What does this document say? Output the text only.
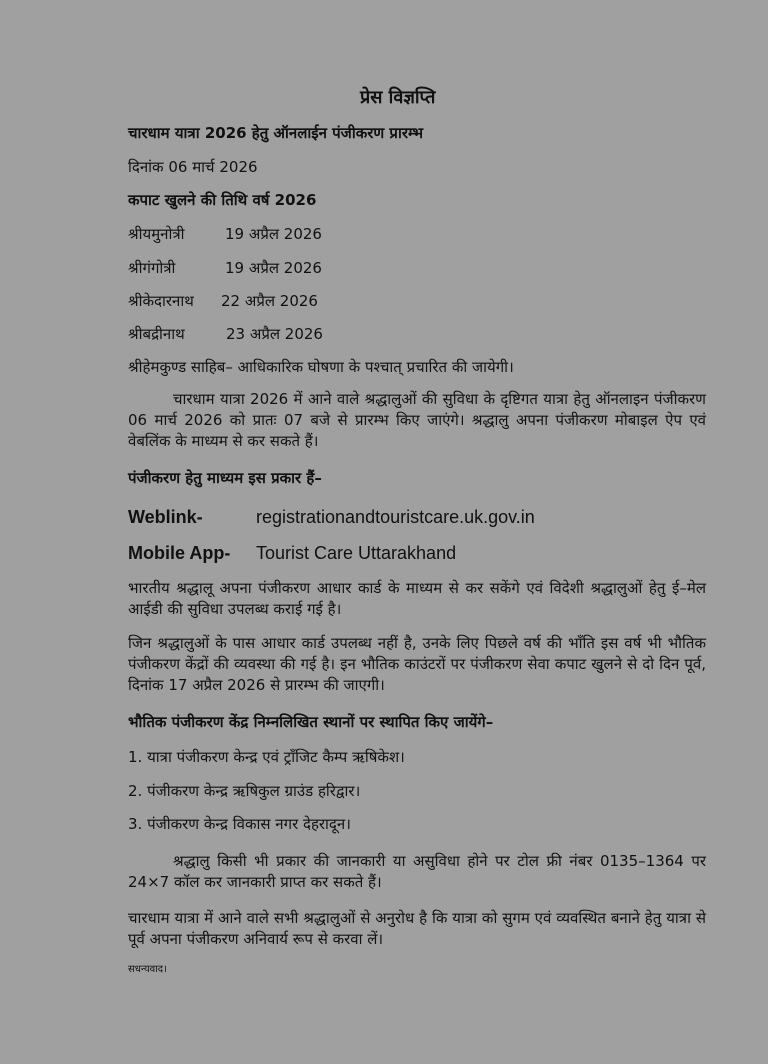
प्रेस विज्ञप्ति
चारधाम यात्रा 2026 हेतु ऑनलाईन पंजीकरण प्रारम्भ
दिनांक 06 मार्च 2026
कपाट खुलने की तिथि वर्ष 2026
श्रीयमुनोत्री	19 अप्रैल 2026
श्रीगंगोत्री	19 अप्रैल 2026
श्रीकेदारनाथ 22 अप्रैल 2026
श्रीबद्रीनाथ	23 अप्रैल 2026
श्रीहेमकुण्ड साहिब– आधिकारिक घोषणा के पश्चात् प्रचारित की जायेगी।
चारधाम यात्रा 2026 में आने वाले श्रद्धालुओं की सुविधा के दृष्टिगत यात्रा हेतु ऑनलाइन पंजीकरण 06 मार्च 2026 को प्रातः 07 बजे से प्रारम्भ किए जाएंगे। श्रद्धालु अपना पंजीकरण मोबाइल ऐप एवं वेबलिंक के माध्यम से कर सकते हैं।
पंजीकरण हेतु माध्यम इस प्रकार हैं–
Weblink-	registrationandtouristcare.uk.gov.in
Mobile App- Tourist Care Uttarakhand
भारतीय श्रद्धालू अपना पंजीकरण आधार कार्ड के माध्यम से कर सकेंगे एवं विदेशी श्रद्धालुओं हेतु ई–मेल आईडी की सुविधा उपलब्ध कराई गई है।
जिन श्रद्धालुओं के पास आधार कार्ड उपलब्ध नहीं है, उनके लिए पिछले वर्ष की भाँति इस वर्ष भी भौतिक पंजीकरण केंद्रों की व्यवस्था की गई है। इन भौतिक काउंटरों पर पंजीकरण सेवा कपाट खुलने से दो दिन पूर्व, दिनांक 17 अप्रैल 2026 से प्रारम्भ की जाएगी।
भौतिक पंजीकरण केंद्र निम्नलिखित स्थानों पर स्थापित किए जायेंगे–
1. यात्रा पंजीकरण केन्द्र एवं ट्रॉंजिट कैम्प ऋषिकेश।
2. पंजीकरण केन्द्र ऋषिकुल ग्राउंड हरिद्वार।
3. पंजीकरण केन्द्र विकास नगर देहरादून।
श्रद्धालु किसी भी प्रकार की जानकारी या असुविधा होने पर टोल फ्री नंबर 0135–1364 पर 24×7 कॉल कर जानकारी प्राप्त कर सकते हैं।
चारधाम यात्रा में आने वाले सभी श्रद्धालुओं से अनुरोध है कि यात्रा को सुगम एवं व्यवस्थित बनाने हेतु यात्रा से पूर्व अपना पंजीकरण अनिवार्य रूप से करवा लें।
सधन्यवाद।
